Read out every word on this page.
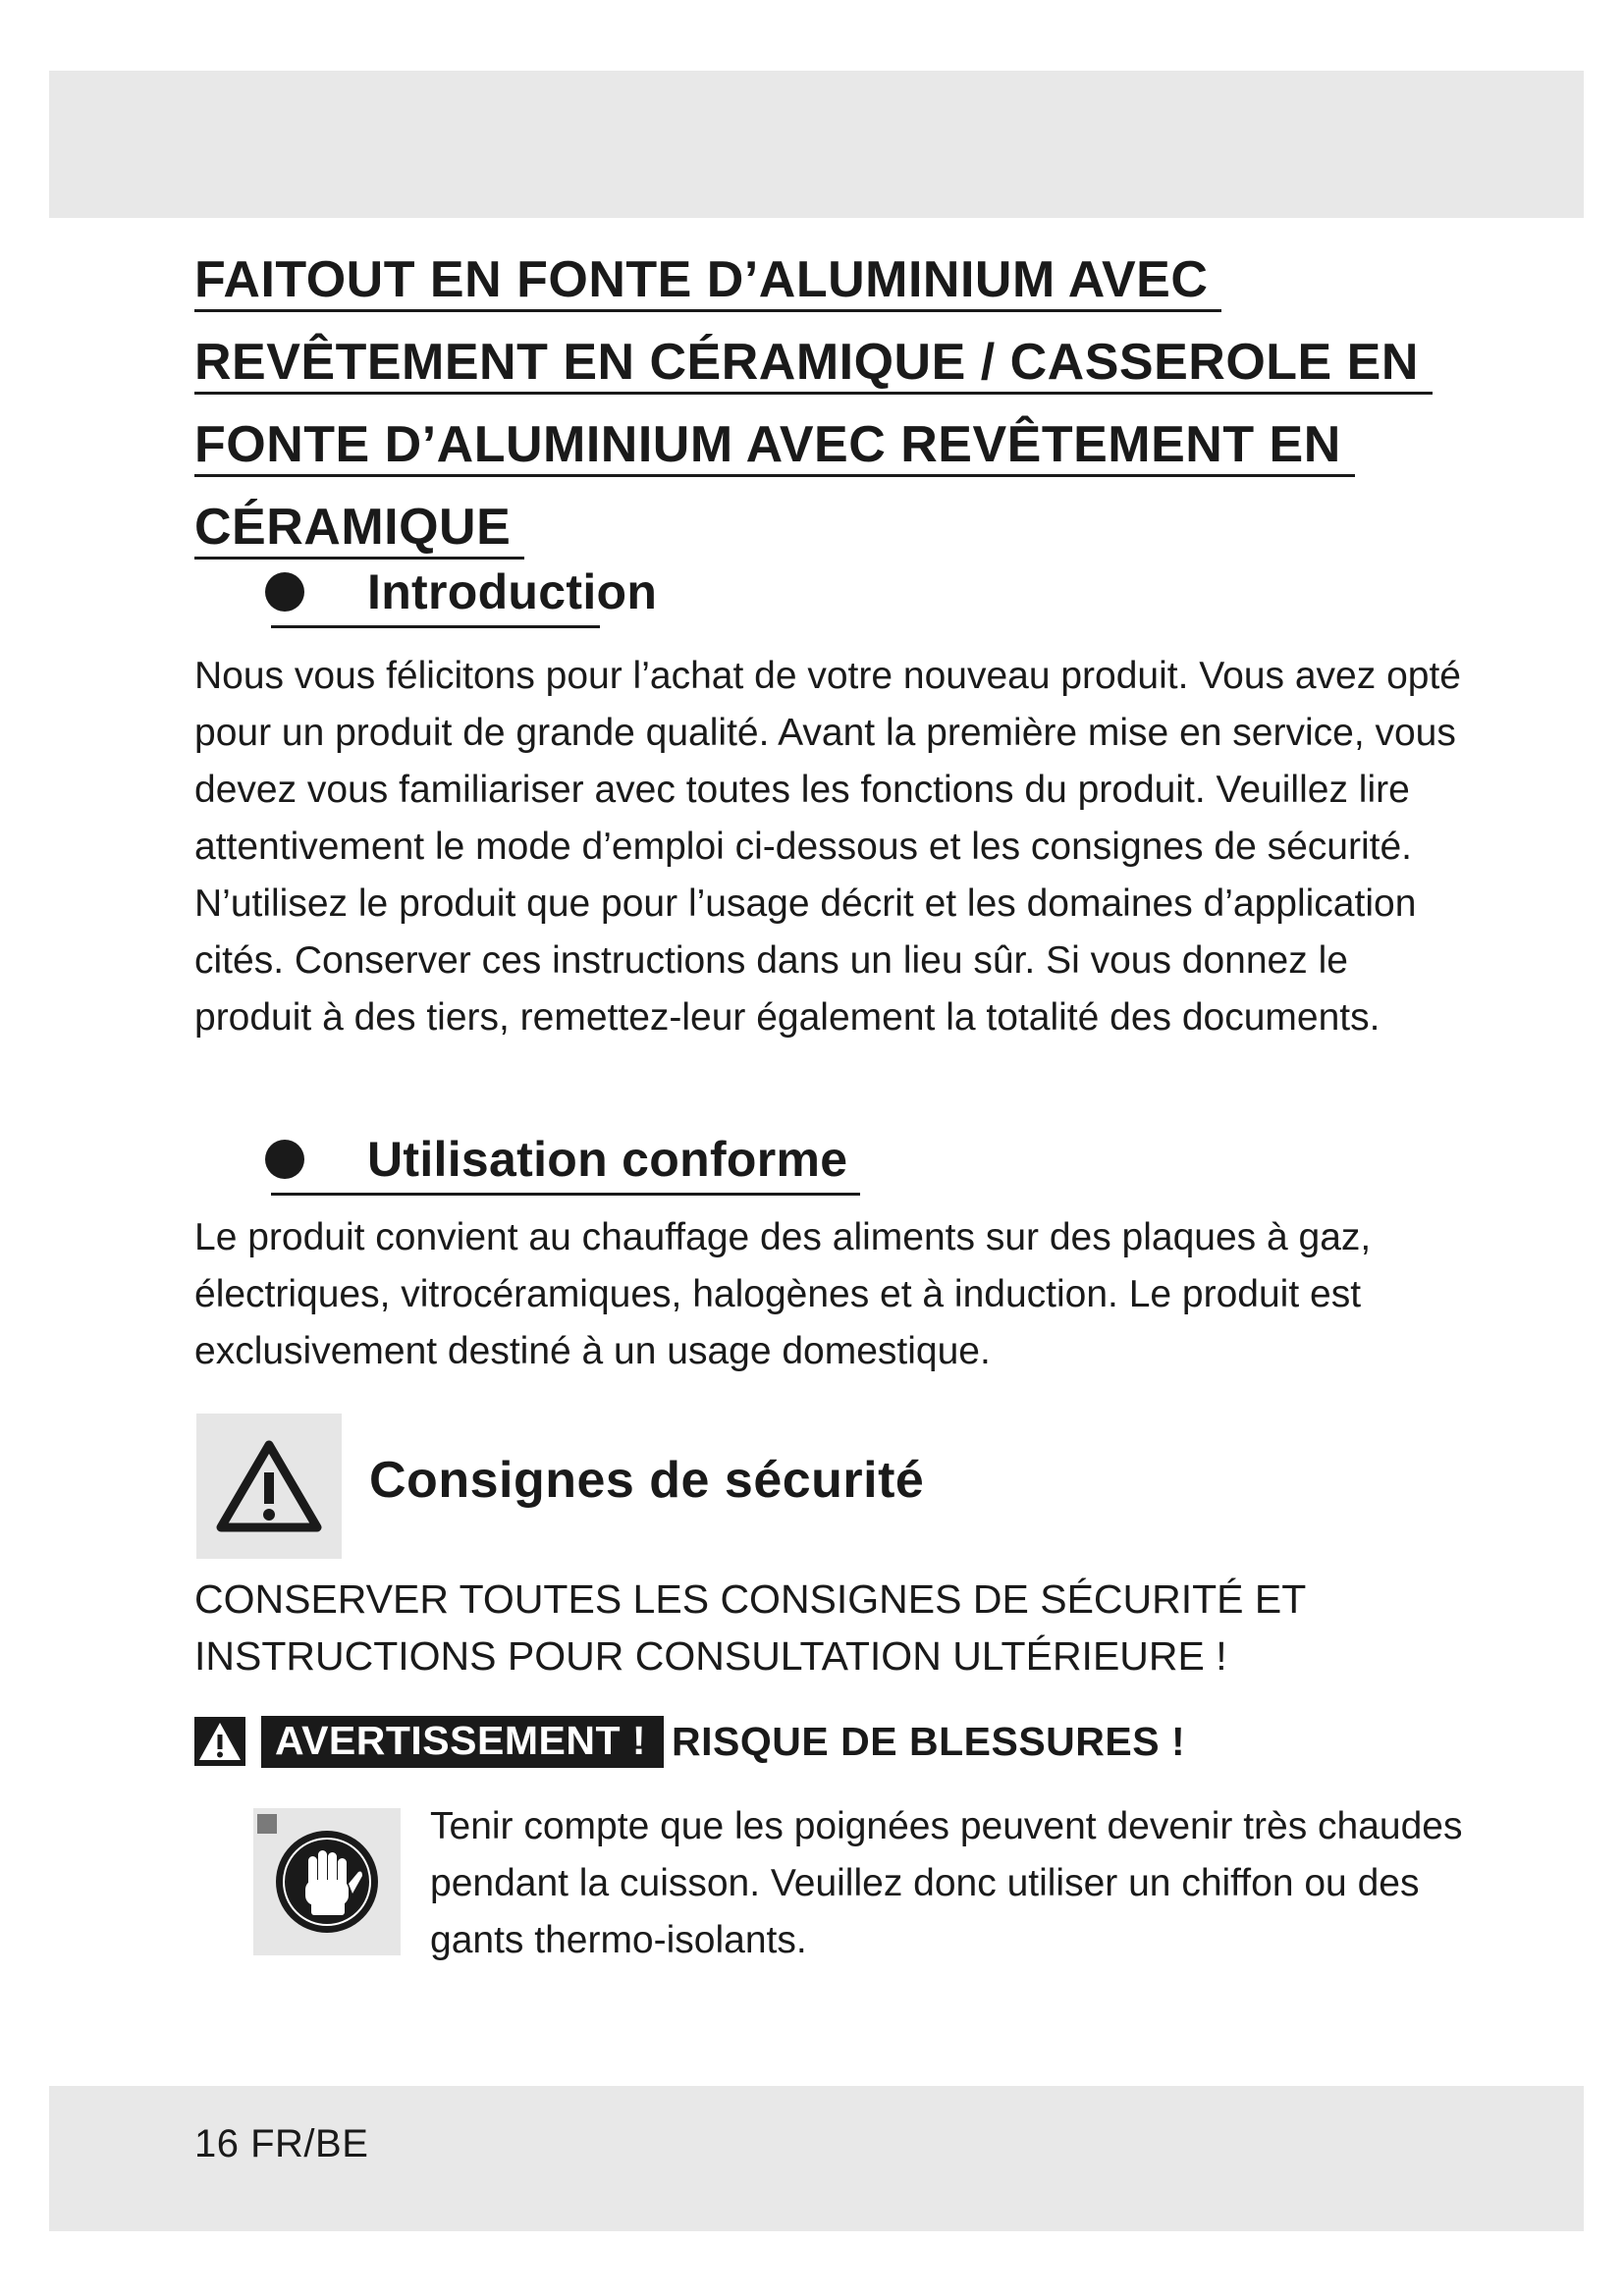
FAITOUT EN FONTE D’ALUMINIUM AVEC
REVÊTEMENT EN CÉRAMIQUE / CASSEROLE EN
FONTE D’ALUMINIUM AVEC REVÊTEMENT EN
CÉRAMIQUE
Introduction

Nous vous félicitons pour l’achat de votre nouveau produit. Vous avez opté pour un produit de grande qualité. Avant la première mise en service, vous devez vous familiariser avec toutes les fonctions du produit. Veuillez lire attentivement le mode d’emploi ci-dessous et les consignes de sécurité. N’utilisez le produit que pour l’usage décrit et les domaines d’application cités. Conserver ces instructions dans un lieu sûr. Si vous donnez le produit à des tiers, remettez-leur également la totalité des documents.

Utilisation conforme

Le produit convient au chauffage des aliments sur des plaques à gaz, électriques, vitrocéramiques, halogènes et à induction. Le produit est exclusivement destiné à un usage domestique.

Consignes de sécurité

CONSERVER TOUTES LES CONSIGNES DE SÉCURITÉ ET
INSTRUCTIONS POUR CONSULTATION ULTÉRIEURE !

AVERTISSEMENT ! RISQUE DE BLESSURES !

Tenir compte que les poignées peuvent devenir très chaudes pendant la cuisson. Veuillez donc utiliser un chiffon ou des gants thermo-isolants.

16 FR/BE
